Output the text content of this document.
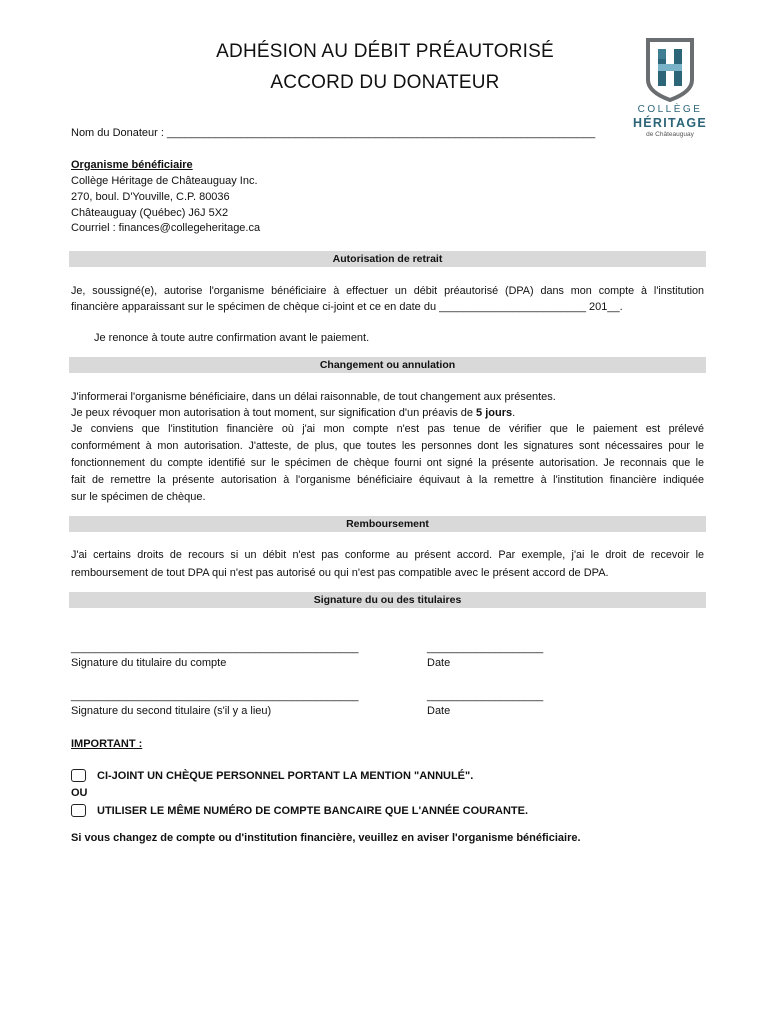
ADHÉSION AU DÉBIT PRÉAUTORISÉ
ACCORD DU DONATEUR
COLLÈGE
HÉRITAGE
de Châteauguay
Nom du Donateur : ______________________________________________________________________
Organisme bénéficiaire
Collège Héritage de Châteauguay Inc.
270, boul. D'Youville, C.P. 80036
Châteauguay (Québec) J6J 5X2
Courriel : finances@collegeheritage.ca
Autorisation de retrait
Je, soussigné(e), autorise l'organisme bénéficiaire à effectuer un débit préautorisé (DPA) dans mon compte à l'institution
financière apparaissant sur le spécimen de chèque ci-joint et ce en date du ________________________ 201__.
Je renonce à toute autre confirmation avant le paiement.
Changement ou annulation
J'informerai l'organisme bénéficiaire, dans un délai raisonnable, de tout changement aux présentes.
Je peux révoquer mon autorisation à tout moment, sur signification d'un préavis de 5 jours.
Je conviens que l'institution financière où j'ai mon compte n'est pas tenue de vérifier que le paiement est prélevé
conformément à mon autorisation. J'atteste, de plus, que toutes les personnes dont les signatures sont nécessaires pour le
fonctionnement du compte identifié sur le spécimen de chèque fourni ont signé la présente autorisation. Je reconnais que le
fait de remettre la présente autorisation à l'organisme bénéficiaire équivaut à la remettre à l'institution financière indiquée
sur le spécimen de chèque.
Remboursement
J'ai certains droits de recours si un débit n'est pas conforme au présent accord. Par exemple, j'ai le droit de recevoir le
remboursement de tout DPA qui n'est pas autorisé ou qui n'est pas compatible avec le présent accord de DPA.
Signature du ou des titulaires
_______________________________________________	___________________
Signature du titulaire du compte	Date
_______________________________________________	___________________
Signature du second titulaire (s'il y a lieu)	Date
IMPORTANT :
CI-JOINT UN CHÈQUE PERSONNEL PORTANT LA MENTION "ANNULÉ".
OU
UTILISER LE MÊME NUMÉRO DE COMPTE BANCAIRE QUE L'ANNÉE COURANTE.
Si vous changez de compte ou d'institution financière, veuillez en aviser l'organisme bénéficiaire.
